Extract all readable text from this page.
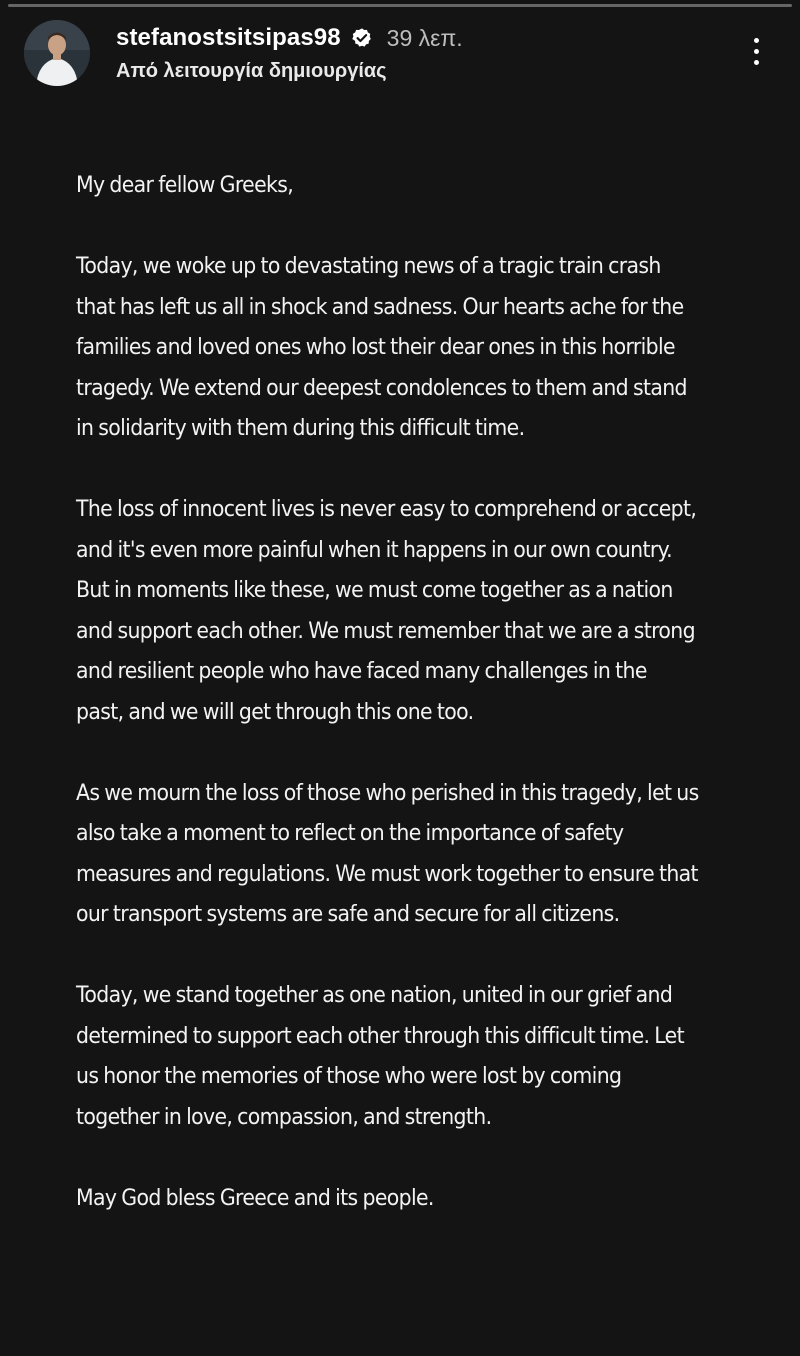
stefanostsitsipas98 39 λεπ.
Από λειτουργία δημιουργίας

My dear fellow Greeks,

Today, we woke up to devastating news of a tragic train crash that has left us all in shock and sadness. Our hearts ache for the families and loved ones who lost their dear ones in this horrible tragedy. We extend our deepest condolences to them and stand in solidarity with them during this difficult time.

The loss of innocent lives is never easy to comprehend or accept, and it's even more painful when it happens in our own country. But in moments like these, we must come together as a nation and support each other. We must remember that we are a strong and resilient people who have faced many challenges in the past, and we will get through this one too.

As we mourn the loss of those who perished in this tragedy, let us also take a moment to reflect on the importance of safety measures and regulations. We must work together to ensure that our transport systems are safe and secure for all citizens.

Today, we stand together as one nation, united in our grief and determined to support each other through this difficult time. Let us honor the memories of those who were lost by coming together in love, compassion, and strength.

May God bless Greece and its people.
